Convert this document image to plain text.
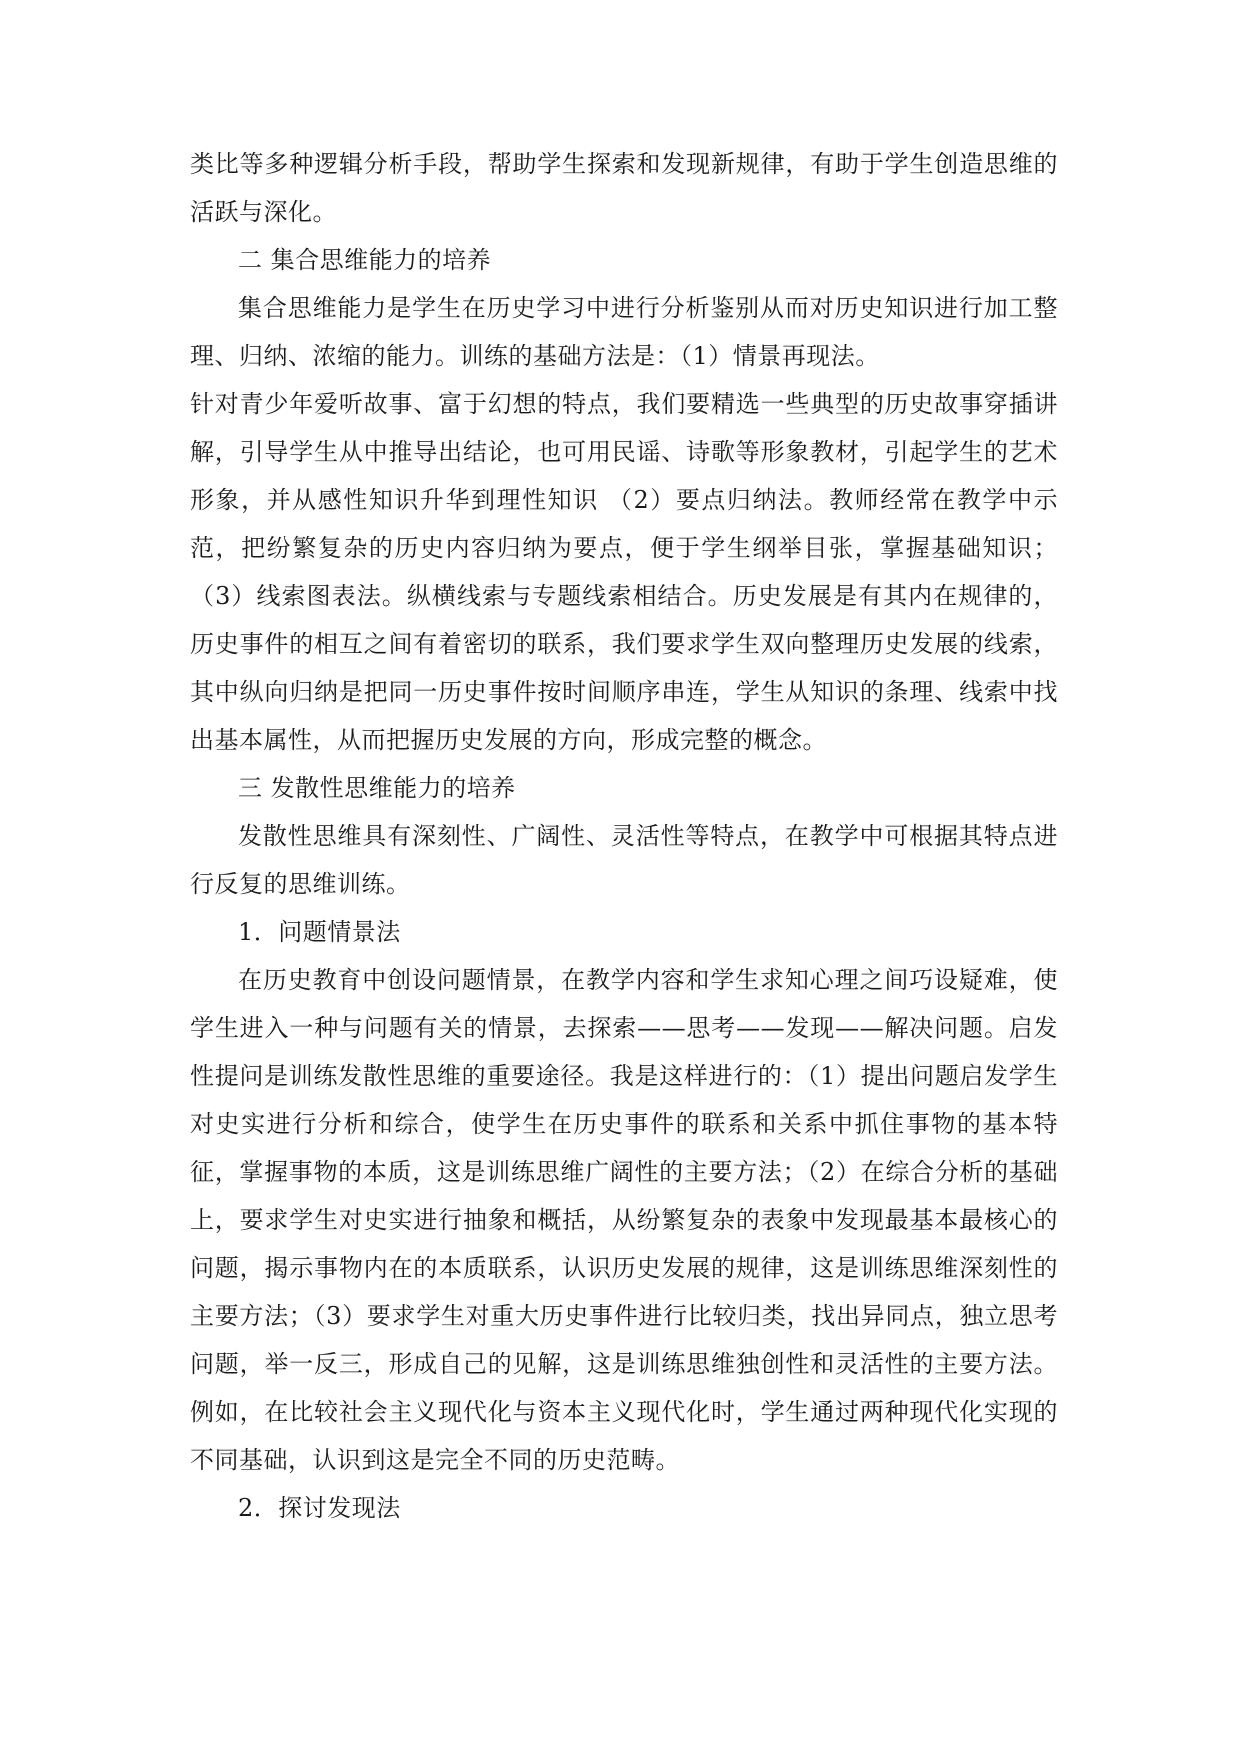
类比等多种逻辑分析手段，帮助学生探索和发现新规律，有助于学生创造思维的活跃与深化。

二 集合思维能力的培养

集合思维能力是学生在历史学习中进行分析鉴别从而对历史知识进行加工整理、归纳、浓缩的能力。训练的基础方法是：（1）情景再现法。

针对青少年爱听故事、富于幻想的特点，我们要精选一些典型的历史故事穿插讲解，引导学生从中推导出结论，也可用民谣、诗歌等形象教材，引起学生的艺术形象，并从感性知识升华到理性知识 （2）要点归纳法。教师经常在教学中示范，把纷繁复杂的历史内容归纳为要点，便于学生纲举目张，掌握基础知识；（3）线索图表法。纵横线索与专题线索相结合。历史发展是有其内在规律的，历史事件的相互之间有着密切的联系，我们要求学生双向整理历史发展的线索，其中纵向归纳是把同一历史事件按时间顺序串连，学生从知识的条理、线索中找出基本属性，从而把握历史发展的方向，形成完整的概念。

三 发散性思维能力的培养

发散性思维具有深刻性、广阔性、灵活性等特点，在教学中可根据其特点进行反复的思维训练。

1．问题情景法

在历史教育中创设问题情景，在教学内容和学生求知心理之间巧设疑难，使学生进入一种与问题有关的情景，去探索——思考——发现——解决问题。启发性提问是训练发散性思维的重要途径。我是这样进行的：（1）提出问题启发学生对史实进行分析和综合，使学生在历史事件的联系和关系中抓住事物的基本特征，掌握事物的本质，这是训练思维广阔性的主要方法；（2）在综合分析的基础上，要求学生对史实进行抽象和概括，从纷繁复杂的表象中发现最基本最核心的问题，揭示事物内在的本质联系，认识历史发展的规律，这是训练思维深刻性的主要方法；（3）要求学生对重大历史事件进行比较归类，找出异同点，独立思考问题，举一反三，形成自己的见解，这是训练思维独创性和灵活性的主要方法。例如，在比较社会主义现代化与资本主义现代化时，学生通过两种现代化实现的不同基础，认识到这是完全不同的历史范畴。

2．探讨发现法
